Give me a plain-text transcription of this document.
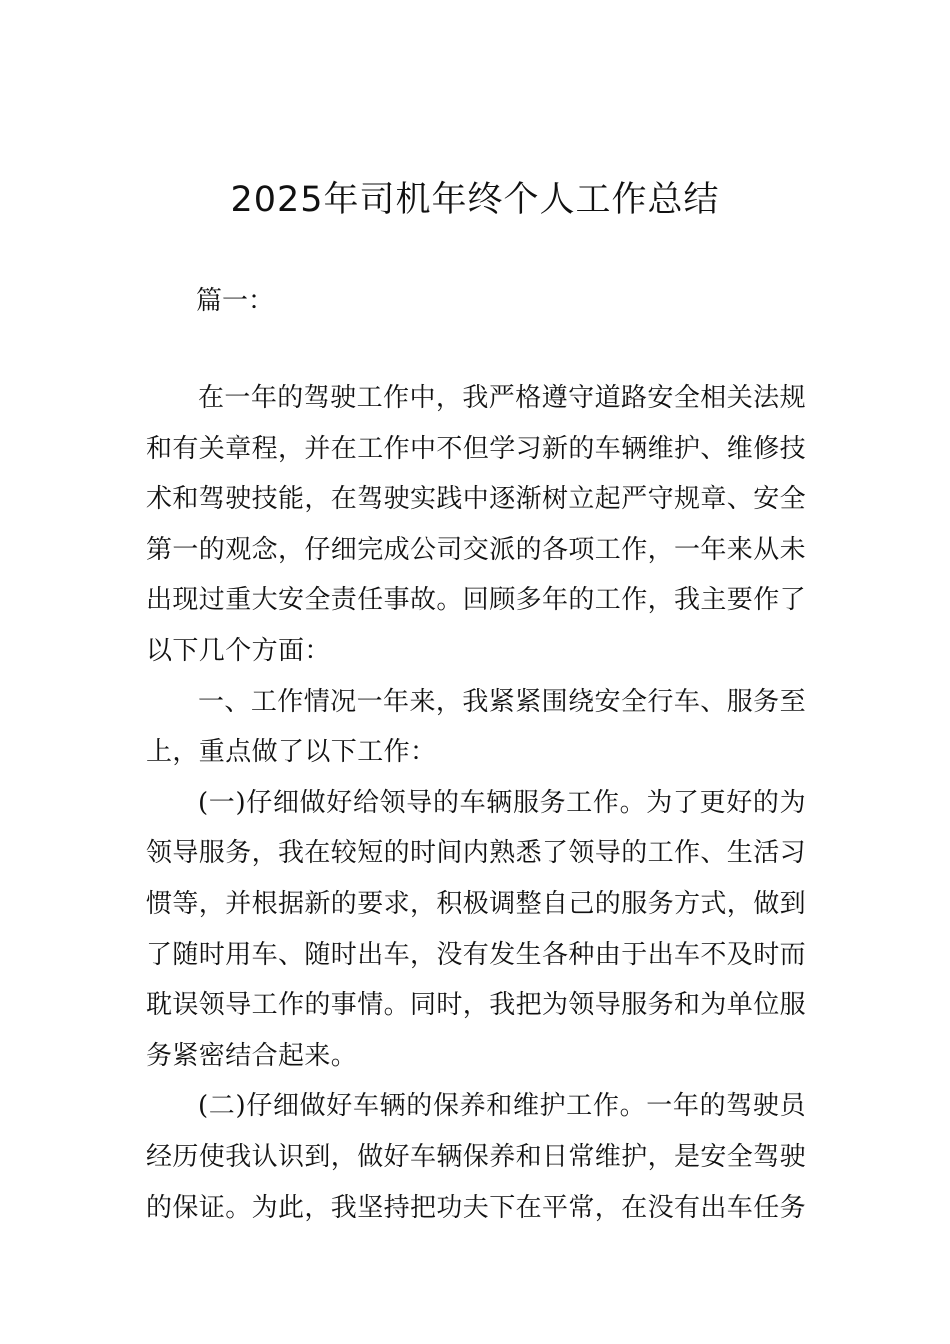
2025年司机年终个人工作总结

篇一：

在一年的驾驶工作中，我严格遵守道路安全相关法规和有关章程，并在工作中不但学习新的车辆维护、维修技术和驾驶技能，在驾驶实践中逐渐树立起严守规章、安全第一的观念，仔细完成公司交派的各项工作，一年来从未出现过重大安全责任事故。回顾多年的工作，我主要作了以下几个方面：

一、工作情况一年来，我紧紧围绕安全行车、服务至上，重点做了以下工作：

(一)仔细做好给领导的车辆服务工作。为了更好的为领导服务，我在较短的时间内熟悉了领导的工作、生活习惯等，并根据新的要求，积极调整自己的服务方式，做到了随时用车、随时出车，没有发生各种由于出车不及时而耽误领导工作的事情。同时，我把为领导服务和为单位服务紧密结合起来。

(二)仔细做好车辆的保养和维护工作。一年的驾驶员经历使我认识到，做好车辆保养和日常维护，是安全驾驶的保证。为此，我坚持把功夫下在平常，在没有出车任务
